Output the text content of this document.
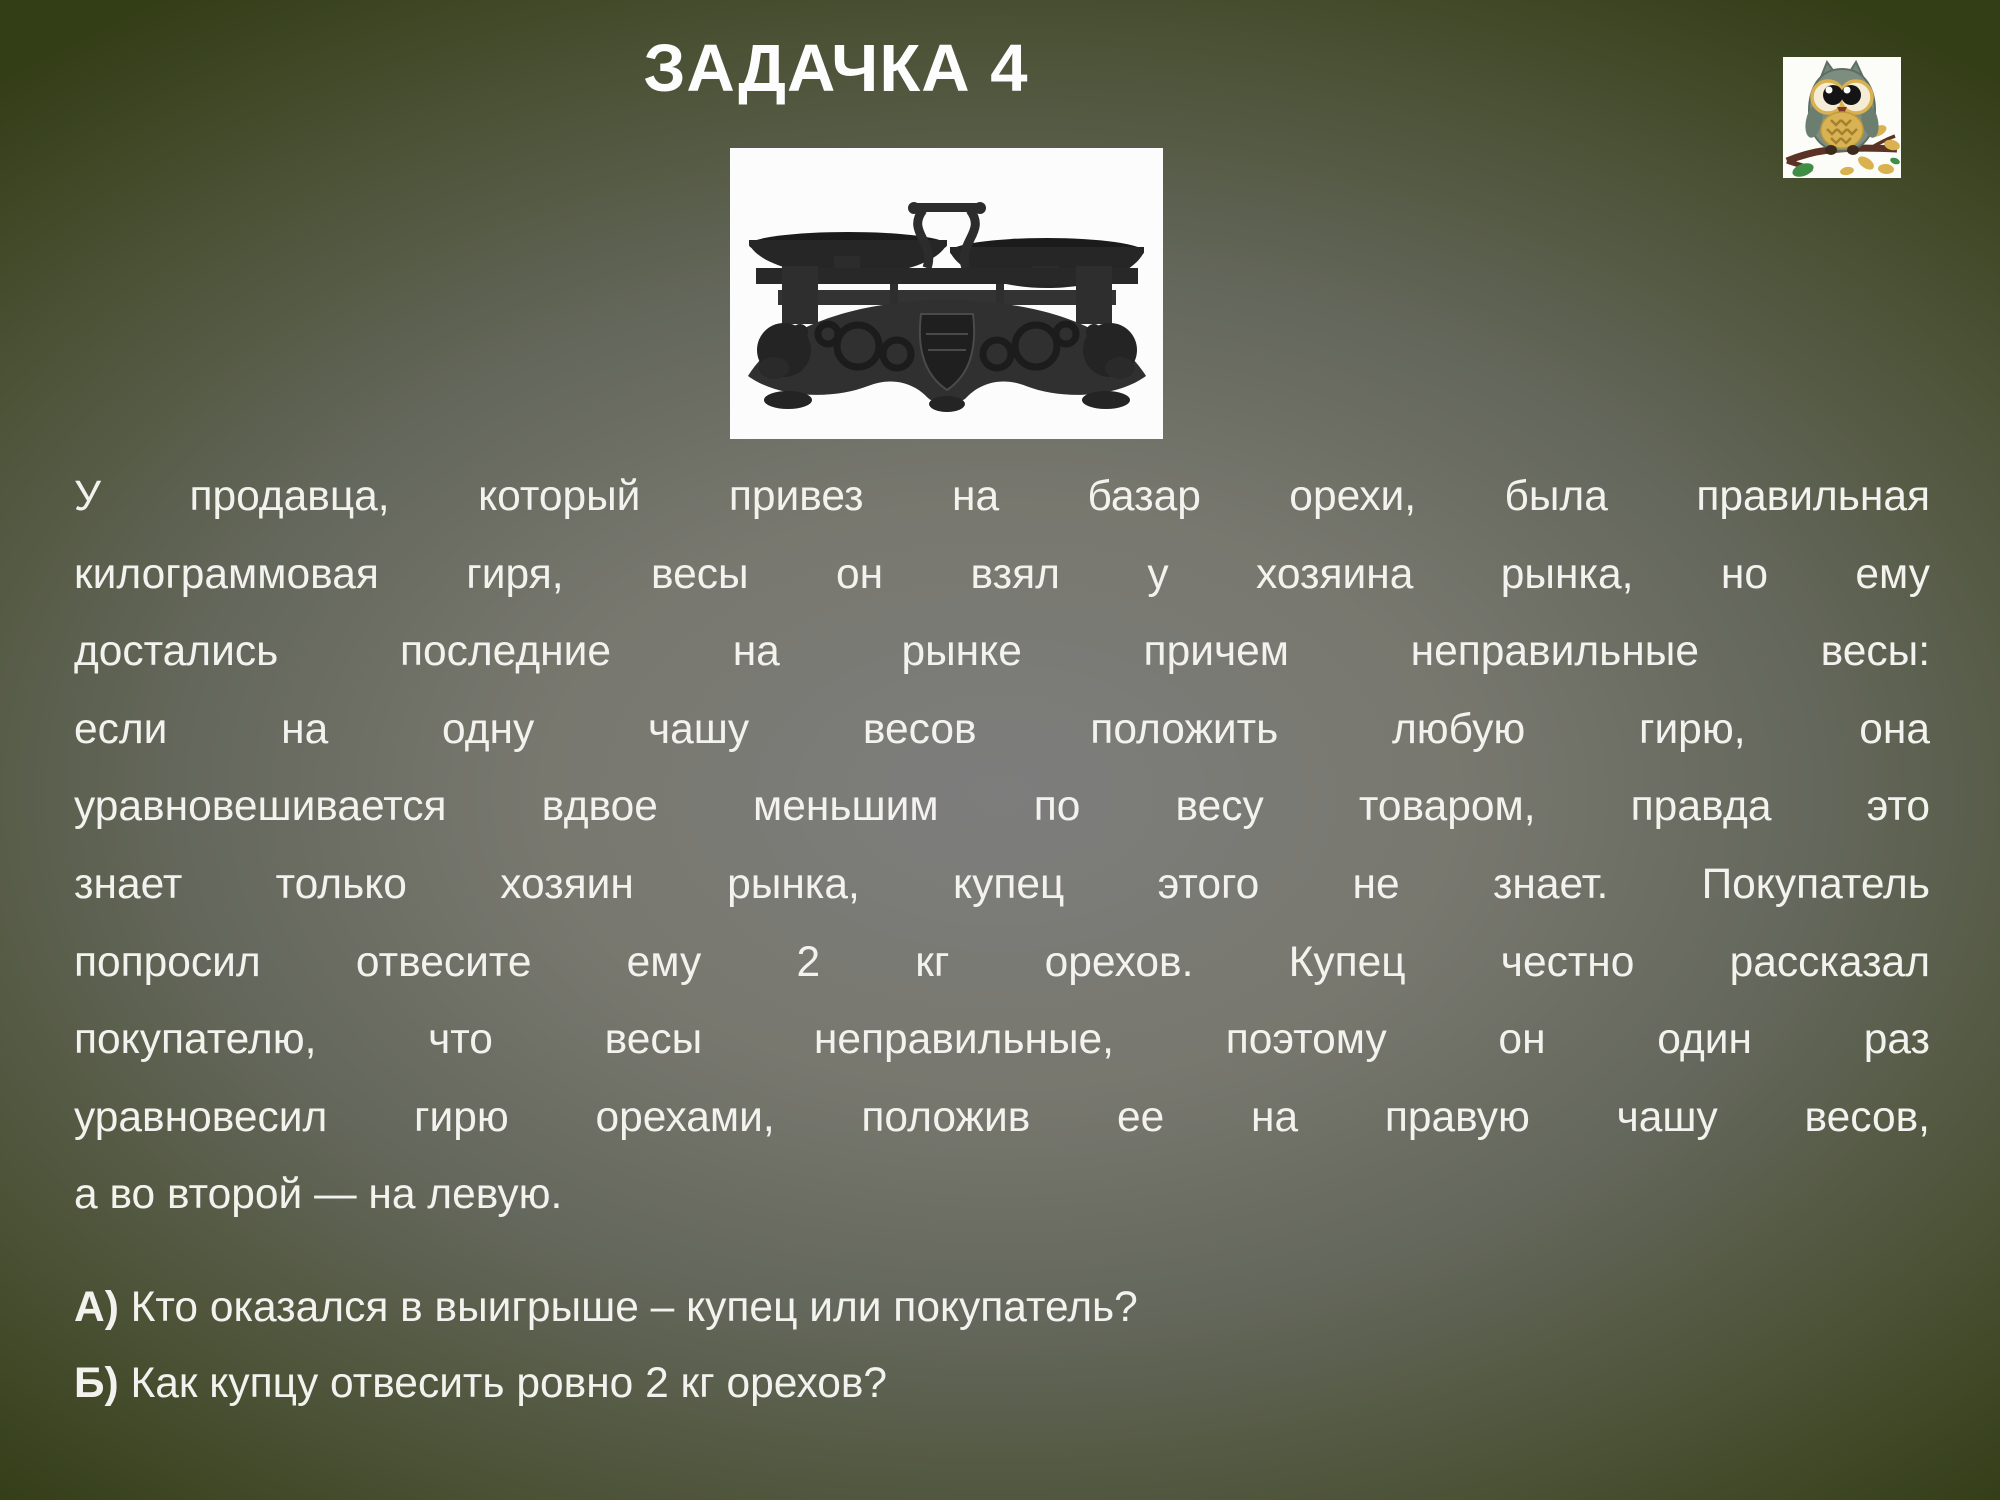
ЗАДАЧКА 4
У продавца, который привез на базар орехи, была правильная
килограммовая гиря, весы он взял у хозяина рынка, но ему
достались последние на рынке причем неправильные весы:
если на одну чашу весов положить любую гирю, она
уравновешивается вдвое меньшим по весу товаром, правда это
знает только хозяин рынка, купец этого не знает. Покупатель
попросил отвесите ему 2 кг орехов. Купец честно рассказал
покупателю, что весы неправильные, поэтому он один раз
уравновесил гирю орехами, положив ее на правую чашу весов,
а во второй — на левую.
А) Кто оказался в выигрыше – купец или покупатель?
Б) Как купцу отвесить ровно 2 кг орехов?
